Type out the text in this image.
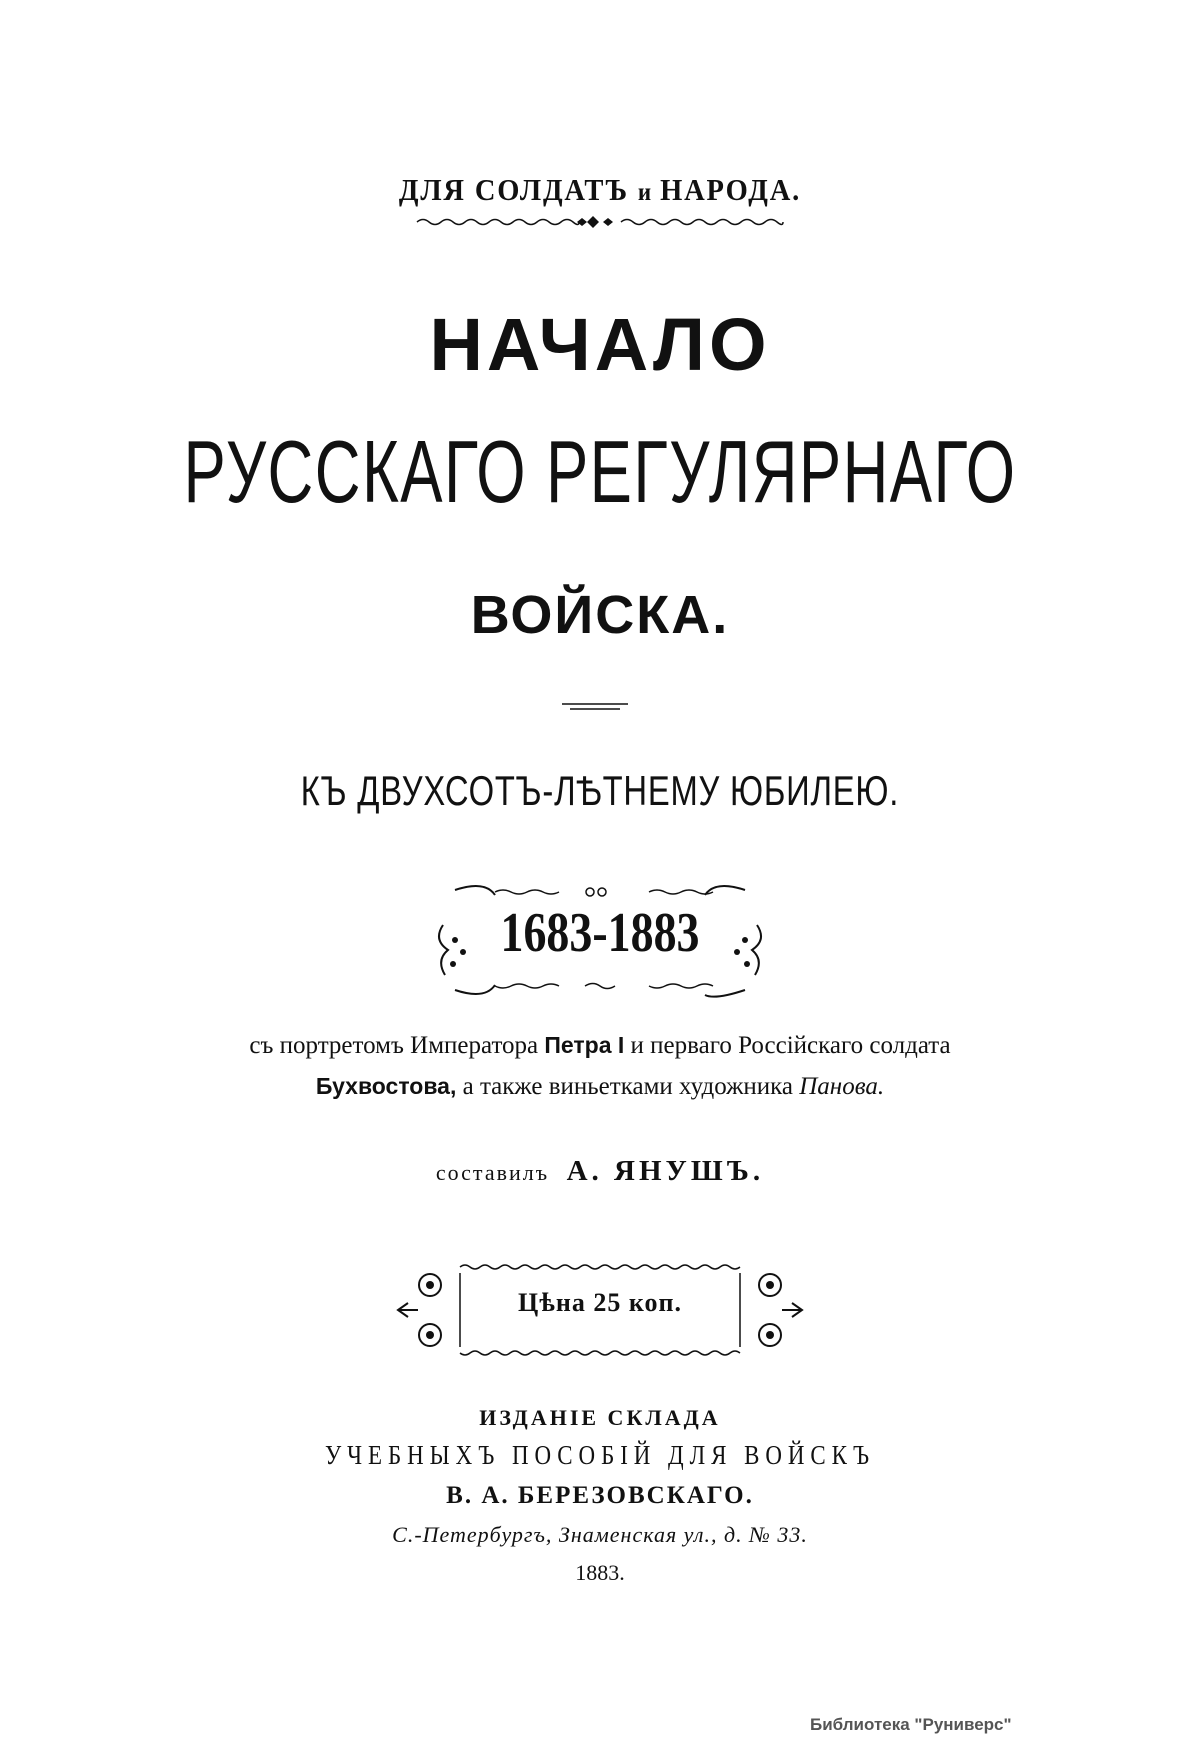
ДЛЯ СОЛДАТЪ и НАРОДА.
НАЧАЛО
РУССКАГО РЕГУЛЯРНАГО
ВОЙСКА.
КЪ ДВУХСОТЪ-ЛѢТНЕМУ ЮБИЛЕЮ.
1683-1883
съ портретомъ Императора Петра I и перваго Россійскаго солдата
Бухвостова, а также виньетками художника Панова.
составилъ А. ЯНУШЪ.
Цѣна 25 коп.
ИЗДАНІЕ СКЛАДА
УЧЕБНЫХЪ ПОСОБІЙ ДЛЯ ВОЙСКЪ
В. А. БЕРЕЗОВСКАГО.
С.-Петербургъ, Знаменская ул., д. № 33.
1883.
Библиотека "Руниверс"
